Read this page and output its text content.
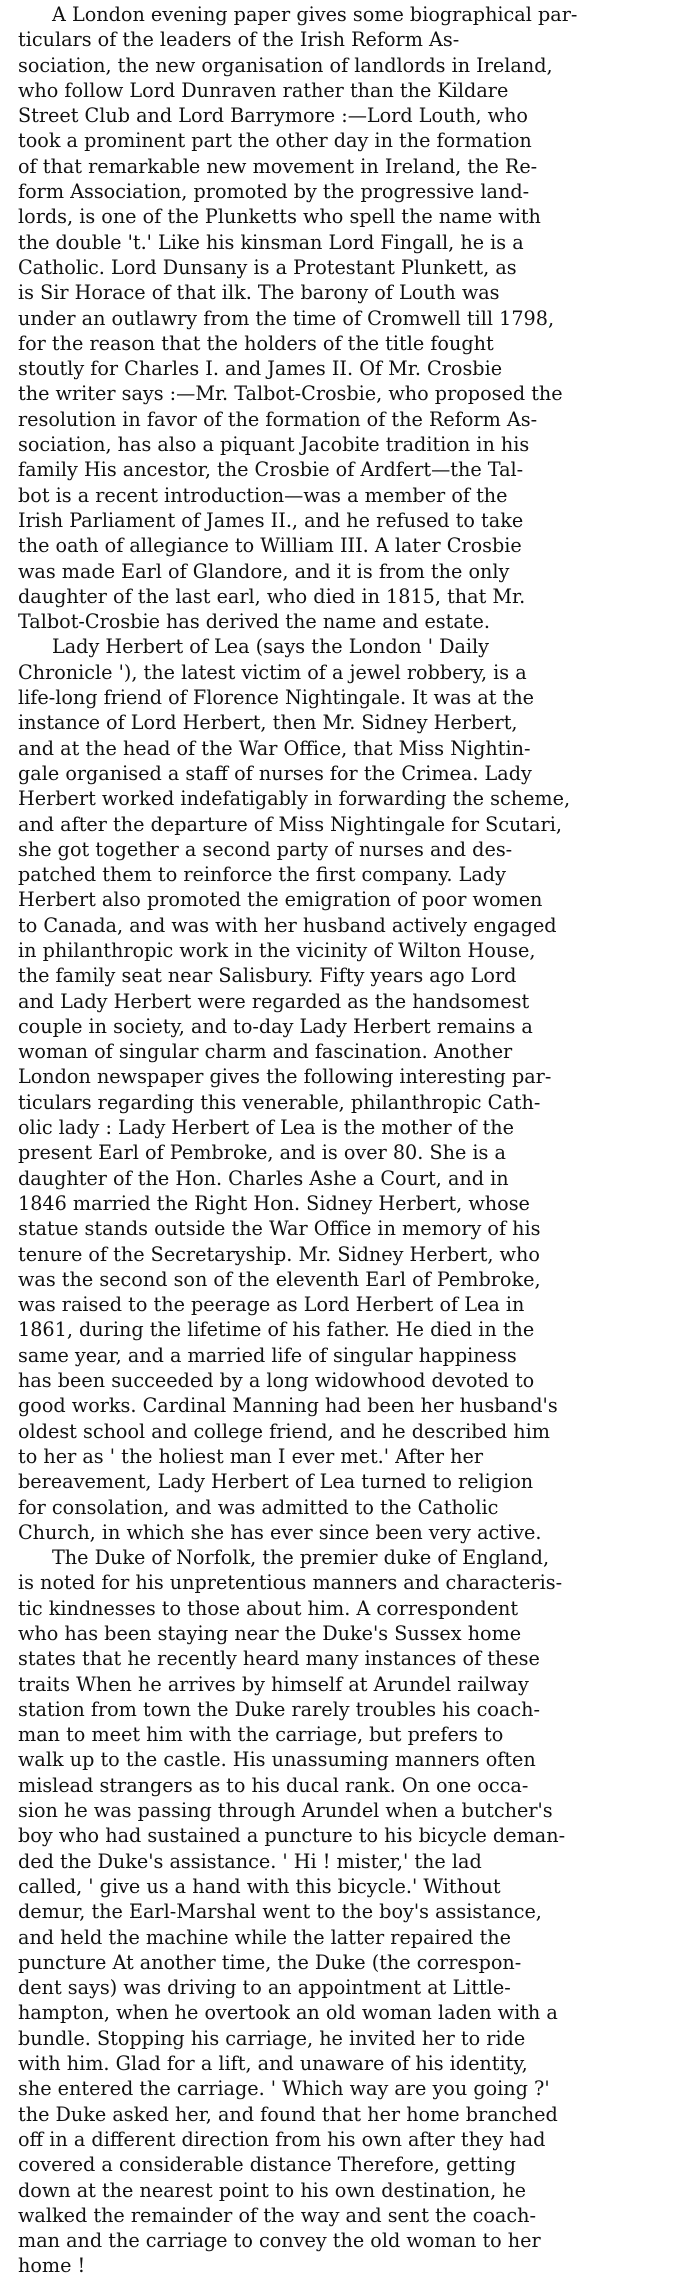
A London evening paper gives some biographical par-
ticulars of the leaders of the Irish Reform As-
sociation, the new organisation of landlords in Ireland,
who follow Lord Dunraven rather than the Kildare
Street Club and Lord Barrymore :—Lord Louth, who
took a prominent part the other day in the formation
of that remarkable new movement in Ireland, the Re-
form Association, promoted by the progressive land-
lords, is one of the Plunketts who spell the name with
the double 't.' Like his kinsman Lord Fingall, he is a
Catholic. Lord Dunsany is a Protestant Plunkett, as
is Sir Horace of that ilk. The barony of Louth was
under an outlawry from the time of Cromwell till 1798,
for the reason that the holders of the title fought
stoutly for Charles I. and James II. Of Mr. Crosbie
the writer says :—Mr. Talbot-Crosbie, who proposed the
resolution in favor of the formation of the Reform As-
sociation, has also a piquant Jacobite tradition in his
family His ancestor, the Crosbie of Ardfert—the Tal-
bot is a recent introduction—was a member of the
Irish Parliament of James II., and he refused to take
the oath of allegiance to William III. A later Crosbie
was made Earl of Glandore, and it is from the only
daughter of the last earl, who died in 1815, that Mr.
Talbot-Crosbie has derived the name and estate.
Lady Herbert of Lea (says the London ' Daily
Chronicle '), the latest victim of a jewel robbery, is a
life-long friend of Florence Nightingale. It was at the
instance of Lord Herbert, then Mr. Sidney Herbert,
and at the head of the War Office, that Miss Nightin-
gale organised a staff of nurses for the Crimea. Lady
Herbert worked indefatigably in forwarding the scheme,
and after the departure of Miss Nightingale for Scutari,
she got together a second party of nurses and des-
patched them to reinforce the first company. Lady
Herbert also promoted the emigration of poor women
to Canada, and was with her husband actively engaged
in philanthropic work in the vicinity of Wilton House,
the family seat near Salisbury. Fifty years ago Lord
and Lady Herbert were regarded as the handsomest
couple in society, and to-day Lady Herbert remains a
woman of singular charm and fascination. Another
London newspaper gives the following interesting par-
ticulars regarding this venerable, philanthropic Cath-
olic lady : Lady Herbert of Lea is the mother of the
present Earl of Pembroke, and is over 80. She is a
daughter of the Hon. Charles Ashe a Court, and in
1846 married the Right Hon. Sidney Herbert, whose
statue stands outside the War Office in memory of his
tenure of the Secretaryship. Mr. Sidney Herbert, who
was the second son of the eleventh Earl of Pembroke,
was raised to the peerage as Lord Herbert of Lea in
1861, during the lifetime of his father. He died in the
same year, and a married life of singular happiness
has been succeeded by a long widowhood devoted to
good works. Cardinal Manning had been her husband's
oldest school and college friend, and he described him
to her as ' the holiest man I ever met.' After her
bereavement, Lady Herbert of Lea turned to religion
for consolation, and was admitted to the Catholic
Church, in which she has ever since been very active.
The Duke of Norfolk, the premier duke of England,
is noted for his unpretentious manners and characteris-
tic kindnesses to those about him. A correspondent
who has been staying near the Duke's Sussex home
states that he recently heard many instances of these
traits When he arrives by himself at Arundel railway
station from town the Duke rarely troubles his coach-
man to meet him with the carriage, but prefers to
walk up to the castle. His unassuming manners often
mislead strangers as to his ducal rank. On one occa-
sion he was passing through Arundel when a butcher's
boy who had sustained a puncture to his bicycle deman-
ded the Duke's assistance. ' Hi ! mister,' the lad
called, ' give us a hand with this bicycle.' Without
demur, the Earl-Marshal went to the boy's assistance,
and held the machine while the latter repaired the
puncture At another time, the Duke (the correspon-
dent says) was driving to an appointment at Little-
hampton, when he overtook an old woman laden with a
bundle. Stopping his carriage, he invited her to ride
with him. Glad for a lift, and unaware of his identity,
she entered the carriage. ' Which way are you going ?'
the Duke asked her, and found that her home branched
off in a different direction from his own after they had
covered a considerable distance Therefore, getting
down at the nearest point to his own destination, he
walked the remainder of the way and sent the coach-
man and the carriage to convey the old woman to her
home !
